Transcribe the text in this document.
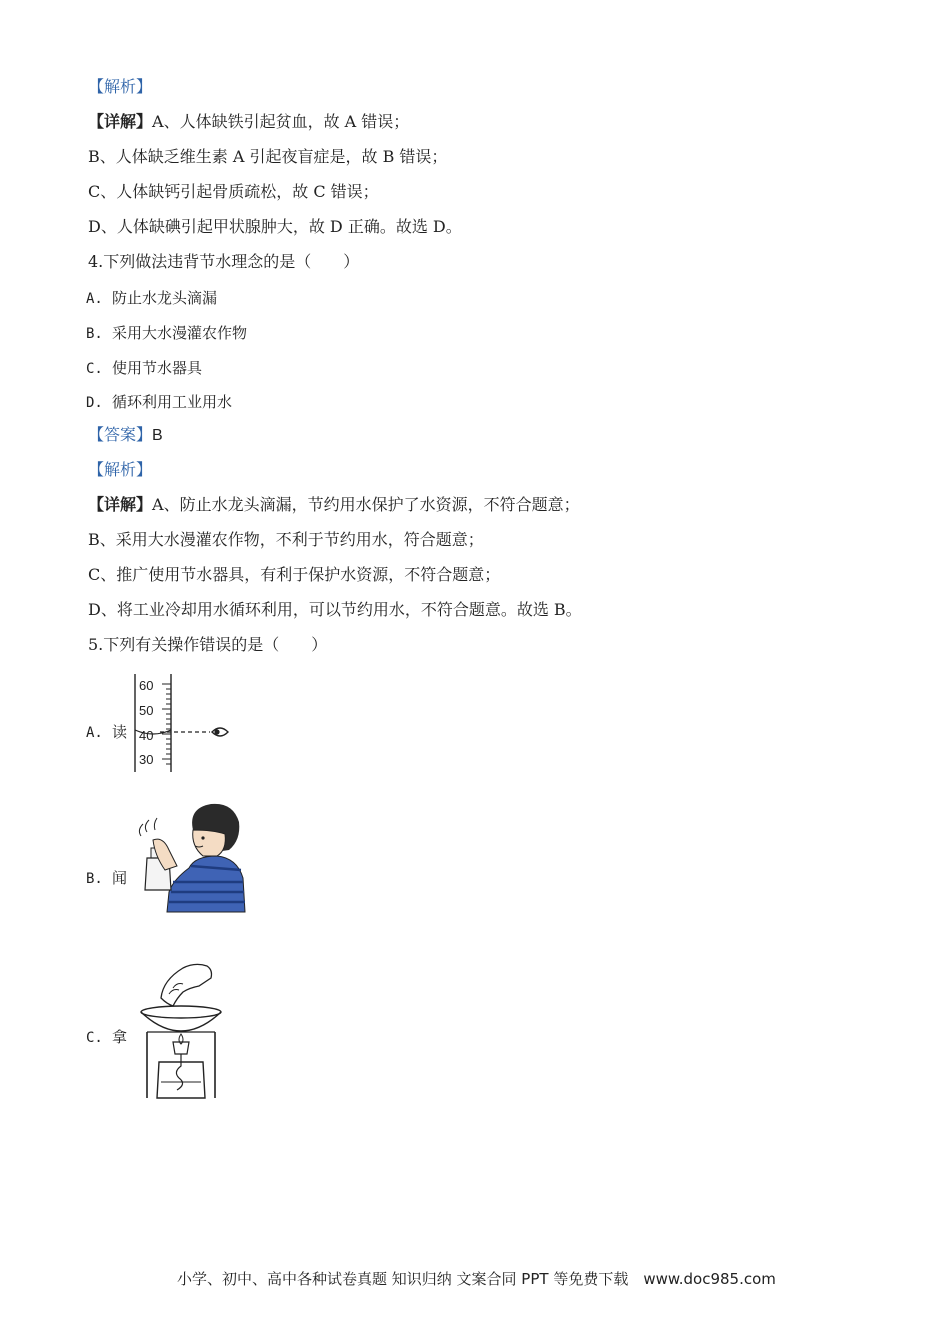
【解析】
【详解】A、人体缺铁引起贫血，故 A 错误；
B、人体缺乏维生素 A 引起夜盲症是，故 B 错误；
C、人体缺钙引起骨质疏松，故 C 错误；
D、人体缺碘引起甲状腺肿大，故 D 正确。故选 D。
4.下列做法违背节水理念的是（　　）
A. 防止水龙头滴漏
B. 采用大水漫灌农作物
C. 使用节水器具
D. 循环利用工业用水
【答案】B
【解析】
【详解】A、防止水龙头滴漏，节约用水保护了水资源，不符合题意；
B、采用大水漫灌农作物，不利于节约用水，符合题意；
C、推广使用节水器具，有利于保护水资源，不符合题意；
D、将工业冷却用水循环利用，可以节约用水，不符合题意。故选 B。
5.下列有关操作错误的是（　　）
A. 读
60
50
40
30
B. 闻
C. 拿
小学、初中、高中各种试卷真题 知识归纳 文案合同 PPT 等免费下载　www.doc985.com
